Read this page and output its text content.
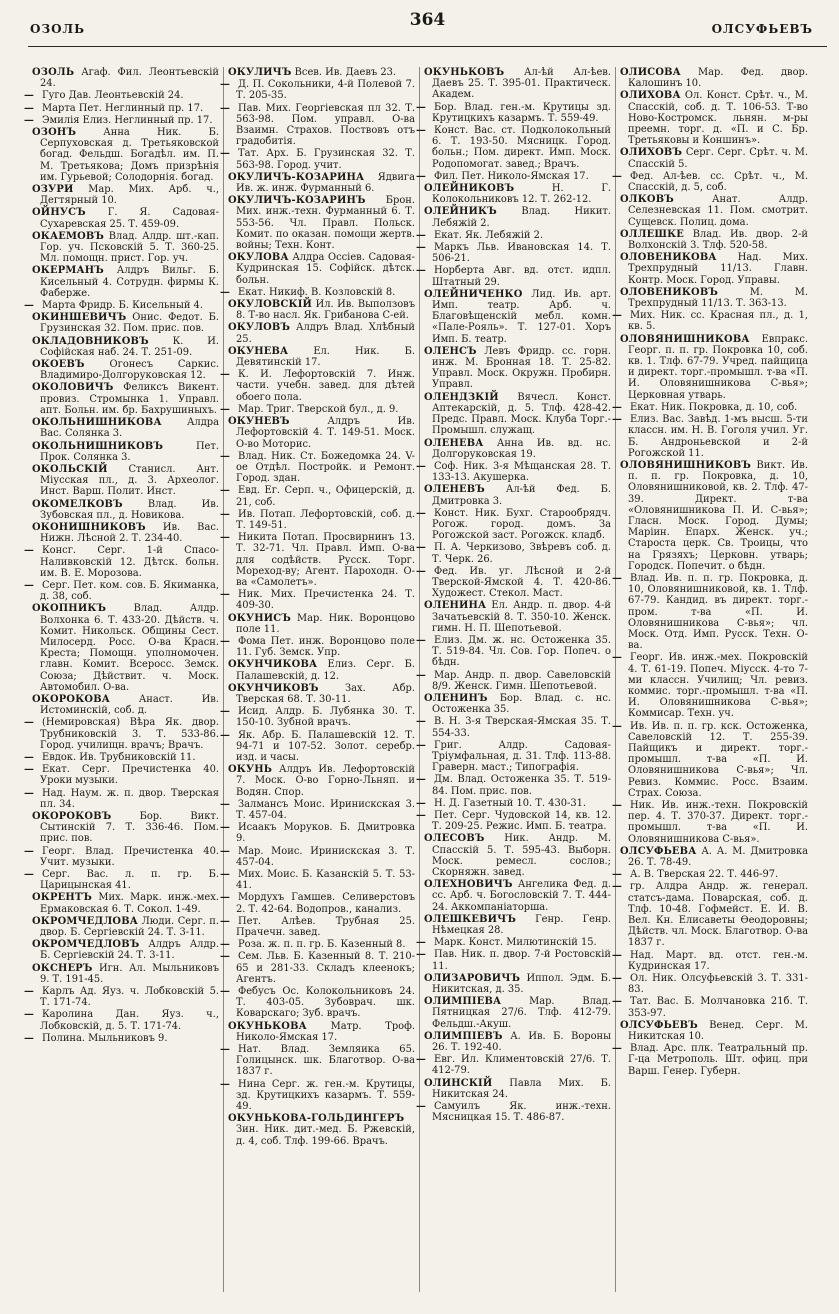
ОЗОЛЬ	364	ОЛСУФЬЕВЪ
ОЗОЛЬ Агаф. Фил. Леонтьевскій 24.
— Гуго Дав. Леонтьевскій 24.
— Марта Пет. Неглинный пр. 17.
— Эмилія Елиз. Неглинный пр. 17.
ОЗОНЪ	Анна Ник. Б. Серпуховская д. Третьяковской богад. Фельдш. Богадѣл. им. П. М. Третьякова; Домъ призрѣнія им. Гурьевой; Солодорнія. богад.
ОЗУРИ Мар. Мих. Арб. ч., Дегтярный 10.
ОЙНУСЪ Г. Я. Садовая-Сухаревская 25. Т. 459-09.
ОКАЕМОВЪ Влад. Алдр. шт.-кап. Гор. уч. Псковскій 5. Т. 360-25. Мл. помощн. прист. Гор. уч.
ОКЕРМАНЪ Алдръ Вильг. Б. Кисельный 4. Сотрудн. фирмы К. Фаберже.
— Марта Фридр. Б. Кисельный 4.
ОКИНШЕВИЧЪ Онис. Федот. Б. Грузинская 32. Пом. прис. пов.
ОКЛАДОВНИКОВЪ К. И. Софійская наб. 24. Т. 251-09.
ОКОЕВЪ	Огонесъ Саркис. Владимиро-Долгоруковская 12.
ОКОЛОВИЧЪ Феликсъ Викент. провиз. Стромынка 1. Управл. апт. Больн. им. бр. Бахрушиныхъ.
ОКОЛЬНИШНИКОВА	Алдра Вас. Солянка 3.
ОКОЛЬНИШНИКОВЪ	Пет. Прок. Солянка 3.
ОКОЛЬСКІЙ Станисл. Ант. Міусская пл., д. 3. Археолог. Инст. Варш. Полит. Инст.
ОКОМЕЛКОВЪ	Влад. Ив. Зубовская пл., д. Новикова.
ОКОНИШНИКОВЪ Ив. Вас. Нижн. Лѣсной 2. Т. 234-40.
— Консг. Серг. 1-й Спасо-Наливковскій 12. Дѣтск. больн. им. В. Е. Морозова.
— Серг. Пет. ком. сов. Б. Якиманка, д. 38, соб.
ОКОПНИКЪ	Влад. Алдр. Волхонка 6. Т. 433-20. Дѣйств. ч. Комит. Никольск. Общины Сест. Милосерд. Росс. О-ва Красн. Креста; Помощн. уполномочен. главн. Комит. Всеросс. Земск. Союза; Дѣйствит. ч. Моск. Автомобил. О-ва.
ОКОРОКОВА	Анаст. Ив. Истоминскій, соб. д.
— (Немировская) Вѣра Як. двор. Трубниковскій 3. Т. 533-86. Город. училищн. врачъ; Врачъ.
— Евдок. Ив. Трубниковскій 11.
— Екат. Серг. Пречистенка 40. Уроки музыки.
— Над. Наум. ж. п. двор. Тверская пл. 34.
ОКОРОКОВЪ	Бор. Викт. Сытинскій 7. Т. 336-46. Пом. прис. пов.
— Георг. Влад. Пречистенка 40. Учит. музыки.
— Серг. Вас. л. п. гр. Б. Царицынская 41.
ОКРЕНТЪ Мих. Марк. инж.-мех. Ермаковская 6. Т. Сокол. 1-49.
ОКРОМЧЕДЛОВА Люди. Серг. п. двор. Б. Сергіевскій 24. Т. 3-11.
ОКРОМЧЕДЛОВЪ Алдръ Алдр. Б. Сергіевскій 24. Т. 3-11.
ОКСНЕРЪ Игн. Ал. Мыльниковъ 9. Т. 191-45.
— Карлъ Ад. Яуз. ч. Лобковскій 5. Т. 171-74.
— Каролина Дан. Яуз. ч., Лобковскій, д. 5. Т. 171-74.
— Полина. Мыльниковъ 9.
ОКУЛИЧЪ Всев. Ив. Даевъ 23.
— Д. П. Сокольники, 4-й Полевой 7. Т. 205-35.
— Пав. Мих. Георгіевская пл 32. Т. 563-98. Пом. управл. О-ва Взаимн. Страхов. Поствовъ отъ градобитія.
— Тат. Арх. Б. Грузинская 32. Т. 563-98. Город. учит.
ОКУЛИЧЪ-КОЗАРИНА Ядвига Ив. ж. инж. Фурманный 6.
ОКУЛИЧЪ-КОЗАРИНЪ Брон. Мих. инж.-техн. Фурманный 6. Т. 553-56. Чл. Правл. Польск. Комит. по оказан. помощи жертв. войны; Техн. Конт.
ОКУЛОВА Алдра Оссіев. Садовая-Кудринская 15. Софійск. дѣтск. больн.
— Екат. Никиф. В. Козловскій 8.
ОКУЛОВСКІЙ Ил. Ив. Выползовъ 8. Т-во насл. Як. Грибанова С-ей.
ОКУЛОВЪ Алдръ Влад. Хлѣбный 25.
ОКУНЕВА	Ел. Ник. Б. Девятинскій 17.
— К. И. Лефортовскій 7. Инж. части. учебн. завед. для дѣтей обоего пола.
— Мар. Триг. Тверской бул., д. 9.
ОКУНЕВЪ	Алдръ Ив. Лефортовскій 4. Т. 149-51. Моск. О-во Моторис.
— Влад. Ник. Ст. Божедомка 24. V-ое Отдѣл. Постройк. и Ремонт. Город. здан.
— Евд. Ег. Серп. ч., Офицерскій, д. 21, соб.
— Ив. Потап. Лефортовскій, соб. д. Т. 149-51.
— Никита Потап. Просвирнинъ 13. Т. 32-71. Чл. Правл. Имп. О-ва для содѣйств. Русск. Торг. Мореход-ву; Агент. Пароходн. О-ва «Самолетъ».
— Ник. Мих. Пречистенка 24. Т. 409-30.
ОКУНИСЪ Мар. Ник. Воронцово поле 11.
— Фома Пет. инж. Воронцово поле 11. Губ. Земск. Упр.
ОКУНЧИКОВА Елиз. Серг. Б. Палашевскій, д. 12.
ОКУНЧИКОВЪ	Зах. Абр. Тверская 68. Т. 30-11.
— Исид. Алдр. Б. Лубянка 30. Т. 150-10. Зубной врачъ.
— Як. Абр. Б. Палашевскій 12. Т. 94-71 и 107-52. Золот. серебр. изд. и часы.
ОКУНЬ Алдръ Ив. Лефортовскій 7. Моск. О-во Горно-Льняп. и Водян. Спор.
— Залмансъ Моис. Иринискская 3. Т. 457-04.
— Исаакъ Моруков. Б. Дмитровка 9.
— Мар. Моис. Иринискская 3. Т. 457-04.
— Мих. Моис. Б. Казанскій 5. Т. 53-41.
— Мордухъ Гамшев. Селиверстовъ 2. Т. 42-64. Водопров., канализ.
— Пет. Алѣев. Трубная 25. Прачечн. завед.
— Роза. ж. п. п. гр. Б. Казенный 8.
— Сем. Льв. Б. Казенный 8. Т. 210-65 и 281-33. Складъ клеенокъ; Агентъ.
— Фебусъ Ос. Колокольниковъ 24. Т. 403-05. Зубоврач. шк. Коварскаго; Зуб. врачъ.
ОКУНЬКОВА Матр. Троф. Николо-Ямская 17.
— Нат. Влад. Земляика 65. Голицынск. шк. Благотвор. О-ва 1837 г.
— Нина Серг. ж. ген.-м. Крутицы, зд. Крутицкихъ казармъ. Т. 559-49.
ОКУНЬКОВА-ГОЛЬДИНГЕРЪ Зин. Ник. дит.-мед. Б. Ржевскій, д. 4, соб. Тлф. 199-66. Врачъ.
ОКУНЬКОВЪ Ал-ѣй Ал-ѣев. Даевъ 25. Т. 395-01. Практическ. Академ.
— Бор. Влад. ген.-м. Крутицы зд. Крутицкихъ казармъ. Т. 559-49.
— Конст. Вас. ст. Подколокольный 6. Т. 193-50. Мясницк. Город. больн.; Пом. директ. Имп. Моск. Родопомогат. завед.; Врачъ.
— Фил. Пет. Николо-Ямская 17.
ОЛЕЙНИКОВЪ	Н. Г. Колокольниковъ 12. Т. 262-12.
ОЛЕЙНИКЪ Влад. Никит. Лебяжій 2.
— Екат. Як. Лебяжій 2.
— Маркъ Льв. Ивановская 14. Т. 506-21.
— Норберта Авг. вд. отст. идпл. Штатный 29.
ОЛЕЙНИЧЕНКО Лид. Ив. арт. Имп. театр. Арб. ч. Благовѣщенскій мебл. комн. «Пале-Рояль». Т. 127-01. Хоръ Имп. Б. театр.
ОЛЕНСЪ Левъ Фридр. сс. горн. инж. М. Бронная 18. Т. 25-82. Управл. Моск. Окружн. Пробирн. Управл.
ОЛЕНДЗКІЙ Вячесл. Конст. Аптекарскій, д. 5. Тлф. 428-42. Предс. Правл. Моск. Клуба Торг.-Промышл. служащ.
ОЛЕНЕВА Анна Ив. вд. нс. Долгоруковская 19.
— Соф. Ник. 3-я Мѣщанская 28. Т. 133-13. Акушерка.
ОЛЕНЕВЪ Ал-ѣй Фед. Б. Дмитровка 3.
— Конст. Ник. Бухг. Старообрядч. Рогож. город. домъ. За Рогожской заст. Рогожск. кладб.
— П. А. Черкизово, Звѣревъ соб. д. Т. Черк. 26.
— Фед. Ив. уг. Лѣсной и 2-й Тверской-Ямской 4. Т. 420-86. Художест. Стекол. Маст.
ОЛЕНИНА Ел. Андр. п. двор. 4-й Зачатьевскій 8. Т. 350-10. Женск. гимн. Н. П. Шепотьевой.
— Елиз. Дм. ж. нс. Остоженка 35. Т. 519-84. Чл. Сов. Гор. Попеч. о бѣдн.
— Мар. Андр. п. двор. Савеловскій 8/9. Женск. Гимн. Шепотьевой.
ОЛЕНИНЪ Бор. Влад. с. нс. Остоженка 35.
— В. Н. 3-я Тверская-Ямская 35. Т. 554-33.
— Григ. Алдр. Садовая-Тріумфальная, д. 31. Тлф. 113-88. Граверн. маст.; Типографія.
— Дм. Влад. Остоженка 35. Т. 519-84. Пом. прис. пов.
— Н. Д. Газетный 10. Т. 430-31.
— Пет. Серг. Чудовской 14, кв. 12. Т. 209-25. Режис. Имп. Б. театра.
ОЛЕСОВЪ Ник. Андр. М. Спасскій 5. Т. 595-43. Выборн. Моск. ремесл. сослов.; Скорняжн. завед.
ОЛЕХНОВИЧЪ Ангелика Фед. д. сс. Арб. ч. Богословскій 7. Т. 444-24. Аккомпаніаторша.
ОЛЕШКЕВИЧЪ Генр. Генр. Нѣмецкая 28.
— Марк. Конст. Милютинскій 15.
— Пав. Ник. п. двор. 7-й Ростовскій 11.
ОЛИЗАРОВИЧЪ Иппол. Эдм. Б. Никитская, д. 35.
ОЛИМПІЕВА	Мар. Влад. Пятницкая 27/6. Тлф. 412-79. Фельдш.-Акуш.
ОЛИМПІЕВЪ А. Ив. Б. Вороны 26. Т. 192-40.
— Евг. Ил. Климентовскій 27/6. Т. 412-79.
ОЛИНСКІЙ Павла Мих. Б. Никитская 24.
— Самуилъ Як. инж.-техн. Мясницкая 15. Т. 486-87.
ОЛИСОВА Мар. Фед. двор. Калошинъ 10.
ОЛИХОВА Ол. Конст. Срѣт. ч., М. Спасскій, соб. д. Т. 106-53. Т-во Ново-Костромск. льнян. м-ры преемн. торг. д. «П. и С. Бр. Третьяковы и Коншинъ».
ОЛИХОВЪ Серг. Серг. Срѣт. ч. М. Спасскій 5.
— Фед. Ал-ѣев. сс. Срѣт. ч., М. Спасскій, д. 5, соб.
ОЛКОВЪ	Анат. Алдр. Селезневская 11. Пом. смотрит. Сущевск. Полиц. дома.
ОЛЛЕШКЕ Влад. Ив. двор. 2-й Волхонскій 3. Тлф. 520-58.
ОЛОВЕНИКОВА Над. Мих. Трехпрудный 11/13. Главн. Контр. Моск. Город. Управы.
ОЛОВЕНИКОВЪ	М. М. Трехпрудный 11/13. Т. 363-13.
— Мих. Ник. сс. Красная пл., д. 1, кв. 5.
ОЛОВЯНИШНИКОВА Евпракс. Георг. п. п. гр. Покровка 10, соб. кв. 1. Тлф. 67-79. Учред. пайщица и директ. торг.-промышл. т-ва «П. И. Оловянишникова С-вья»; Церковная утварь.
— Екат. Ник. Покровка, д. 10, соб.
— Елиз. Вас. Завѣд. 1-мъ высш. 5-ти классн. им. Н. В. Гоголя учил. Уг. Б. Андроньевской и 2-й Рогожской 11.
ОЛОВЯНИШНИКОВЪ Викт. Ив. п. п. гр. Покровка, д. 10, Оловянишниковой, кв. 2. Тлф. 47-39. Директ. т-ва «Оловянишникова П. И. С-вья»; Гласн. Моск. Город. Думы; Маріин. Епарх. Женск. уч.; Староста церк. Св. Троицы, что на Грязяхъ; Церковн. утварь; Городск. Попечит. о бѣдн.
— Влад. Ив. п. п. гр. Покровка, д. 10, Оловянишниковой, кв. 1. Тлф. 67-79. Кандид. въ директ. торг.-пром. т-ва «П. И. Оловянишникова С-вья»; чл. Моск. Отд. Имп. Русск. Техн. О-ва.
— Георг. Ив. инж.-мех. Покровскій 4. Т. 61-19. Попеч. Міусск. 4-то 7-ми классн. Училищ; Чл. ревиз. коммис. торг.-промышл. т-ва «П. И. Оловянишникова С-вья»; Коммисар. Техн. уч.
— Ив. Ив. п. п. гр. кск. Остоженка, Савеловскій 12. Т. 255-39. Пайщикъ и директ. торг.-промышл. т-ва «П. И. Оловянишникова С-вья»; Чл. Ревиз. Коммис. Росс. Взаим. Страх. Союза.
— Ник. Ив. инж.-техн. Покровскій пер. 4. Т. 370-37. Директ. торг.-промышл. т-ва «П. И. Оловянишникова С-вья».
ОЛСУФЬЕВА А. А. М. Дмитровка 26. Т. 78-49.
— А. В. Тверская 22. Т. 446-97.
— гр. Алдра Андр. ж. генерал. статсъ-дама. Поварская, соб. д. Тлф. 10-48. Гофмейст. Е. И. В. Вел. Кн. Елисаветы Өеодоровны; Дѣйств. чл. Моск. Благотвор. О-ва 1837 г.
— Над. Март. вд. отст. ген.-м. Кудринская 17.
— Ол. Ник. Олсуфьевскій 3. Т. 331-83.
— Тат. Вас. Б. Молчановка 21б. Т. 353-97.
ОЛСУФЬЕВЪ Венед. Серг. М. Никитская 10.
— Влад. Арс. плк. Театральный пр. Г-ца Метрополь. Шт. офиц. при Варш. Генер. Губерн.
